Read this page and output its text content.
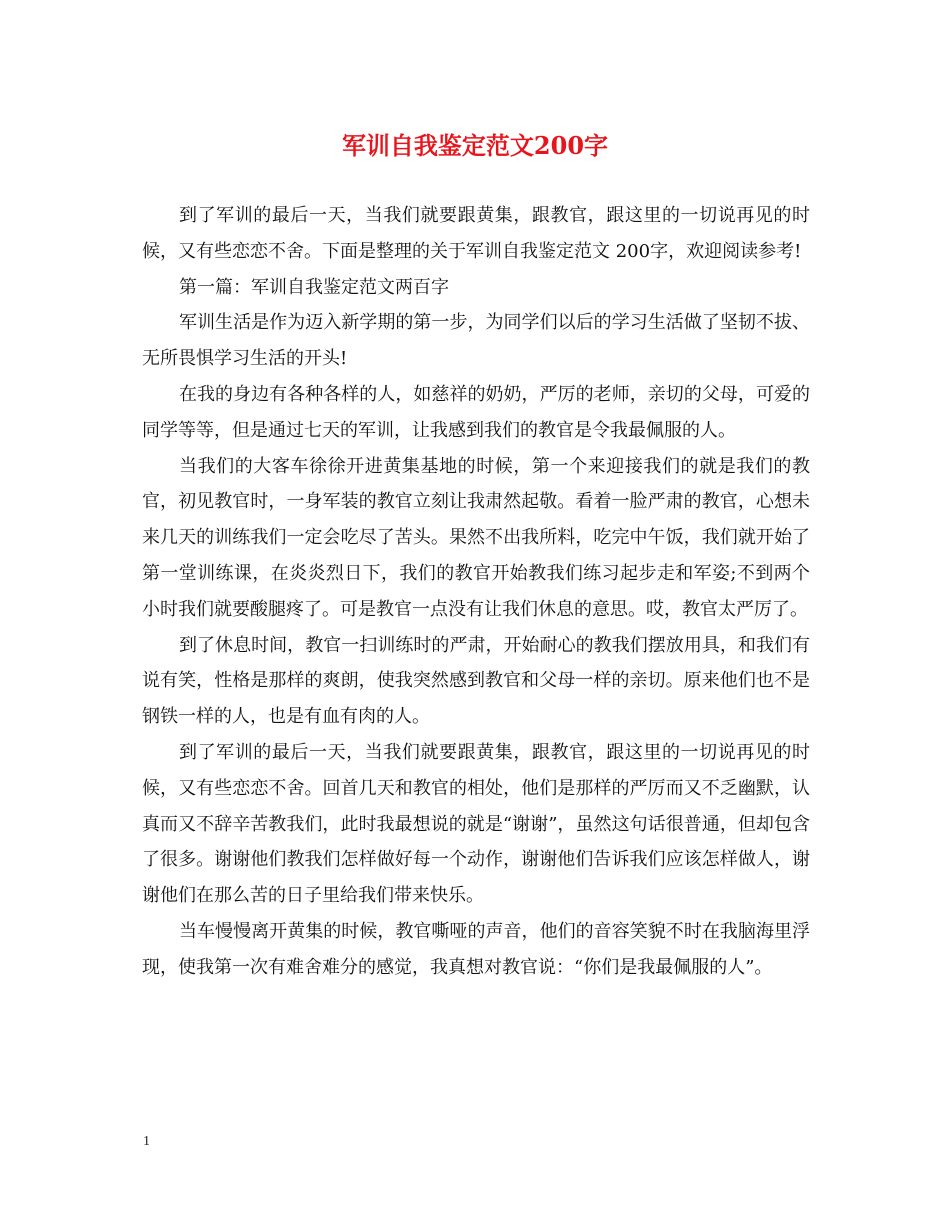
军训自我鉴定范文200字

到了军训的最后一天，当我们就要跟黄集，跟教官，跟这里的一切说再见的时候，又有些恋恋不舍。下面是整理的关于军训自我鉴定范文 200字，欢迎阅读参考!

第一篇：军训自我鉴定范文两百字

军训生活是作为迈入新学期的第一步，为同学们以后的学习生活做了坚韧不拔、无所畏惧学习生活的开头!

在我的身边有各种各样的人，如慈祥的奶奶，严厉的老师，亲切的父母，可爱的同学等等，但是通过七天的军训，让我感到我们的教官是令我最佩服的人。

当我们的大客车徐徐开进黄集基地的时候，第一个来迎接我们的就是我们的教官，初见教官时，一身军装的教官立刻让我肃然起敬。看着一脸严肃的教官，心想未来几天的训练我们一定会吃尽了苦头。果然不出我所料，吃完中午饭，我们就开始了第一堂训练课，在炎炎烈日下，我们的教官开始教我们练习起步走和军姿;不到两个小时我们就要酸腿疼了。可是教官一点没有让我们休息的意思。哎，教官太严厉了。

到了休息时间，教官一扫训练时的严肃，开始耐心的教我们摆放用具，和我们有说有笑，性格是那样的爽朗，使我突然感到教官和父母一样的亲切。原来他们也不是钢铁一样的人，也是有血有肉的人。

到了军训的最后一天，当我们就要跟黄集，跟教官，跟这里的一切说再见的时候，又有些恋恋不舍。回首几天和教官的相处，他们是那样的严厉而又不乏幽默，认真而又不辞辛苦教我们，此时我最想说的就是“谢谢”，虽然这句话很普通，但却包含了很多。谢谢他们教我们怎样做好每一个动作，谢谢他们告诉我们应该怎样做人，谢谢他们在那么苦的日子里给我们带来快乐。

当车慢慢离开黄集的时候，教官嘶哑的声音，他们的音容笑貌不时在我脑海里浮现，使我第一次有难舍难分的感觉，我真想对教官说：“你们是我最佩服的人”。

1
